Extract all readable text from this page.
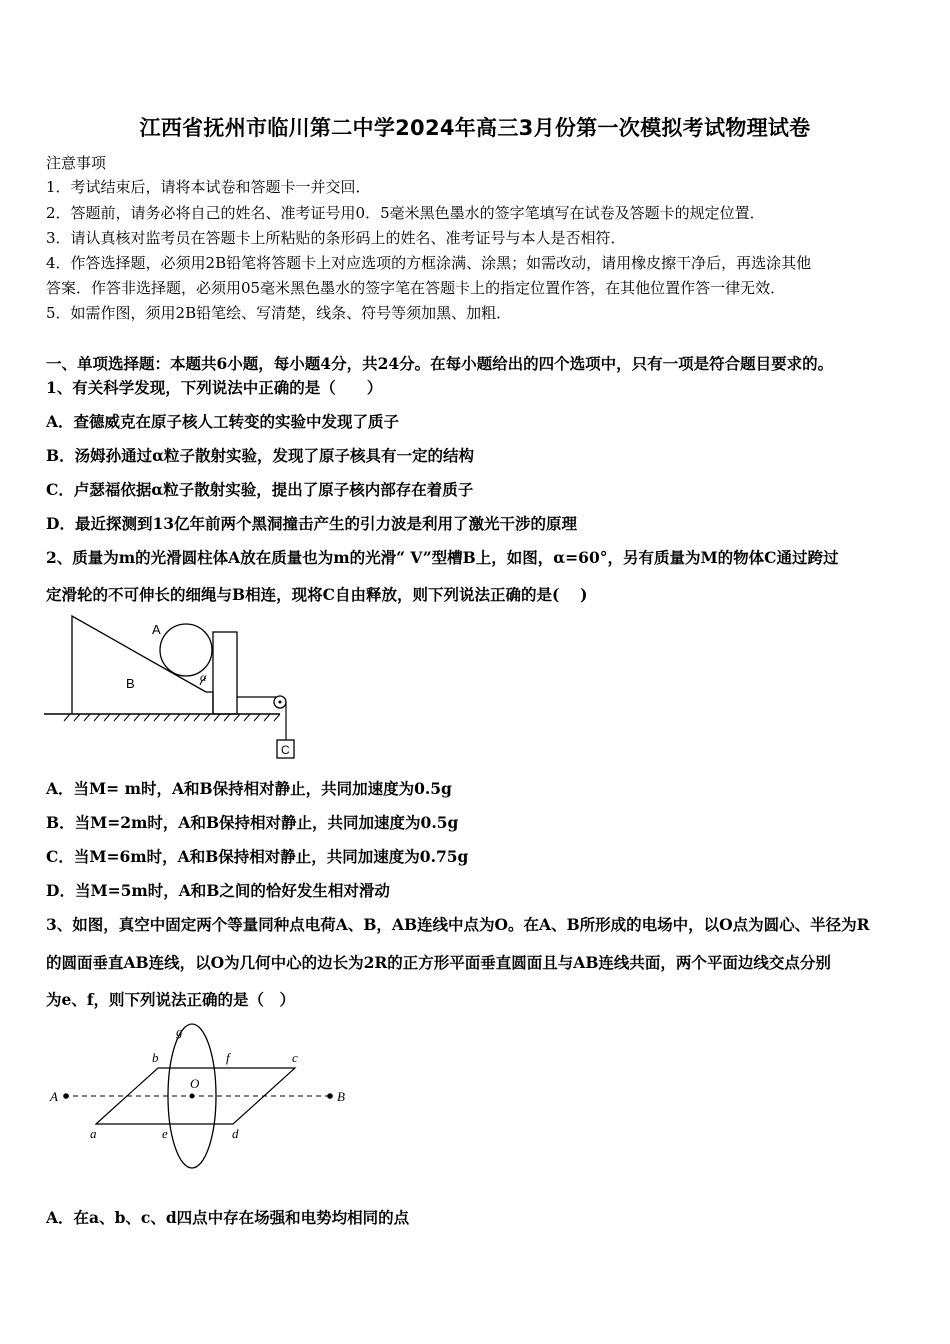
江西省抚州市临川第二中学2024年高三3月份第一次模拟考试物理试卷
注意事项
1．考试结束后，请将本试卷和答题卡一并交回．
2．答题前，请务必将自己的姓名、准考证号用0．5毫米黑色墨水的签字笔填写在试卷及答题卡的规定位置．
3．请认真核对监考员在答题卡上所粘贴的条形码上的姓名、准考证号与本人是否相符．
4．作答选择题，必须用2B铅笔将答题卡上对应选项的方框涂满、涂黑；如需改动，请用橡皮擦干净后，再选涂其他
答案．作答非选择题，必须用05毫米黑色墨水的签字笔在答题卡上的指定位置作答，在其他位置作答一律无效．
5．如需作图，须用2B铅笔绘、写清楚，线条、符号等须加黑、加粗．
一、单项选择题：本题共6小题，每小题4分，共24分。在每小题给出的四个选项中，只有一项是符合题目要求的。
1、有关科学发现，下列说法中正确的是（　　）
A．查德威克在原子核人工转变的实验中发现了质子
B．汤姆孙通过α粒子散射实验，发现了原子核具有一定的结构
C．卢瑟福依据α粒子散射实验，提出了原子核内部存在着质子
D．最近探测到13亿年前两个黑洞撞击产生的引力波是利用了激光干涉的原理
2、质量为m的光滑圆柱体A放在质量也为m的光滑“ V”型槽B上，如图，α=60°，另有质量为M的物体C通过跨过
定滑轮的不可伸长的细绳与B相连，现将C自由释放，则下列说法正确的是(　 )
A
B
C
α
A．当M= m时，A和B保持相对静止，共同加速度为0.5g
B．当M=2m时，A和B保持相对静止，共同加速度为0.5g
C．当M=6m时，A和B保持相对静止，共同加速度为0.75g
D．当M=5m时，A和B之间的恰好发生相对滑动
3、如图，真空中固定两个等量同种点电荷A、B，AB连线中点为O。在A、B所形成的电场中，以O点为圆心、半径为R
的圆面垂直AB连线，以O为几何中心的边长为2R的正方形平面垂直圆面且与AB连线共面，两个平面边线交点分别
为e、f，则下列说法正确的是（　）
A	B
O
a
b	c
d
e
f
g
A．在a、b、c、d四点中存在场强和电势均相同的点
